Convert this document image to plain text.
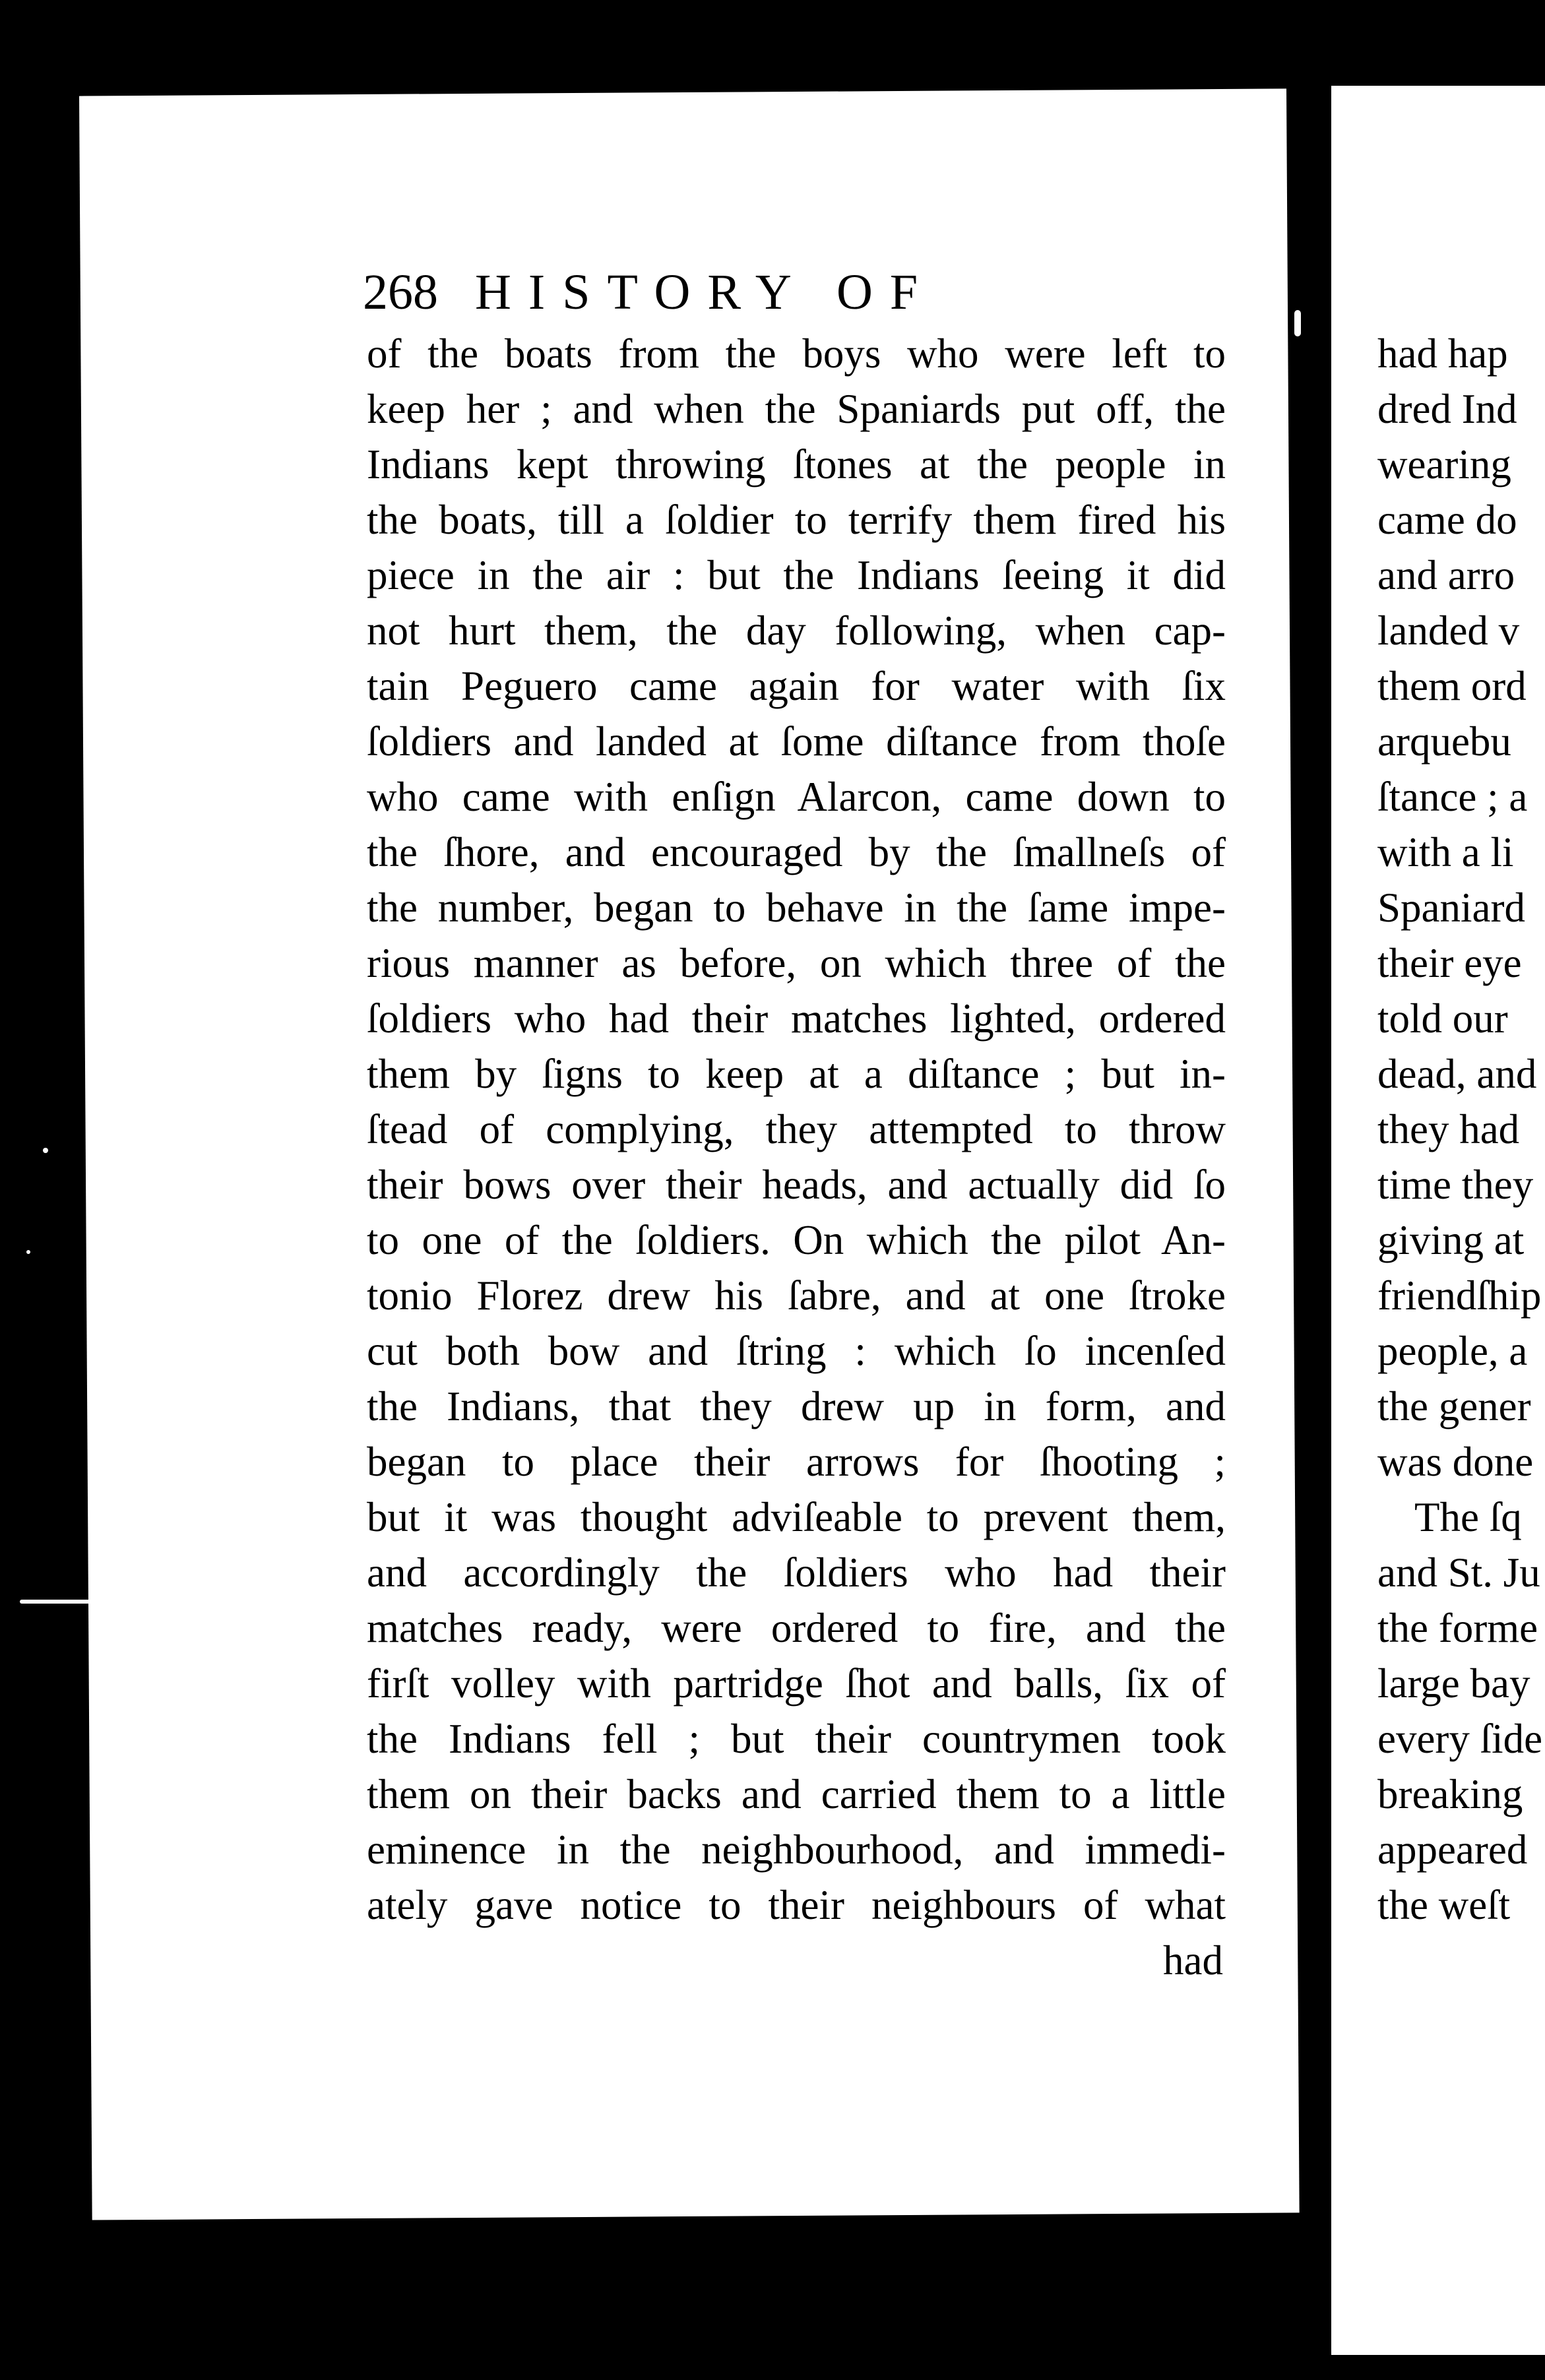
268 HISTORY OF
of the boats from the boys who were left to
keep her ; and when the Spaniards put off, the
Indians kept throwing ſtones at the people in
the boats, till a ſoldier to terrify them fired his
piece in the air : but the Indians ſeeing it did
not hurt them, the day following, when cap-
tain Peguero came again for water with ſix
ſoldiers and landed at ſome diſtance from thoſe
who came with enſign Alarcon, came down to
the ſhore, and encouraged by the ſmallneſs of
the number, began to behave in the ſame impe-
rious manner as before, on which three of the
ſoldiers who had their matches lighted, ordered
them by ſigns to keep at a diſtance ; but in-
ſtead of complying, they attempted to throw
their bows over their heads, and actually did ſo
to one of the ſoldiers. On which the pilot An-
tonio Florez drew his ſabre, and at one ſtroke
cut both bow and ſtring : which ſo incenſed
the Indians, that they drew up in form, and
began to place their arrows for ſhooting ;
but it was thought adviſeable to prevent them,
and accordingly the ſoldiers who had their
matches ready, were ordered to fire, and the
firſt volley with partridge ſhot and balls, ſix of
the Indians fell ; but their countrymen took
them on their backs and carried them to a little
eminence in the neighbourhood, and immedi-
ately gave notice to their neighbours of what
had
had hap
dred Ind
wearing
came do
and arro
landed v
them ord
arquebu
ſtance ; a
with a li
Spaniard
their eye
told our
dead, and
they had
time they
giving at
friendſhip
people, a
the gener
was done
The ſq
and St. Ju
the forme
large bay
every ſide
breaking
appeared
the weſt
